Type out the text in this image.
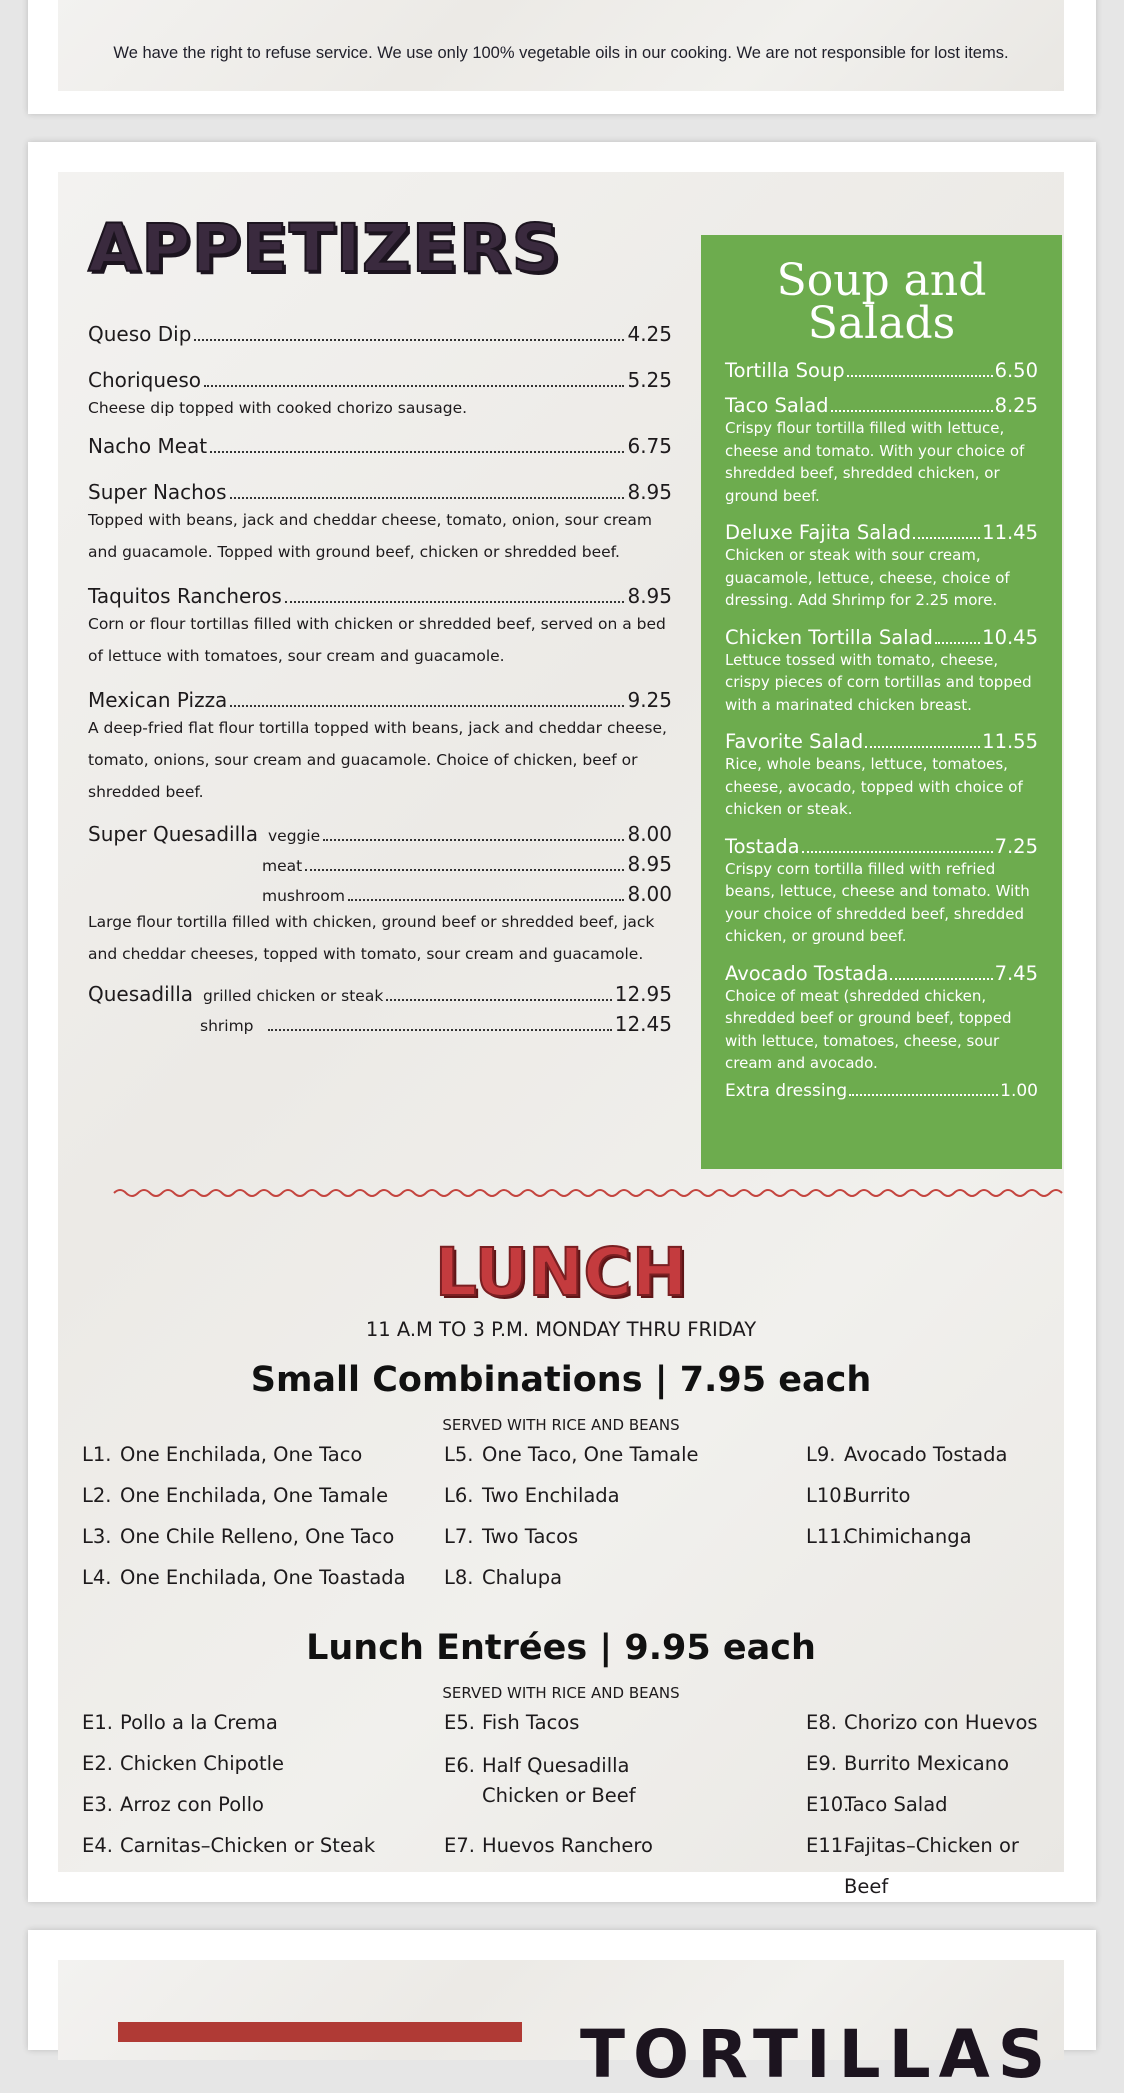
We have the right to refuse service. We use only 100% vegetable oils in our cooking. We are not responsible for lost items.
APPETIZERS
Queso Dip	4.25
Choriqueso	5.25
Cheese dip topped with cooked chorizo sausage.
Nacho Meat	6.75
Super Nachos	8.95
Topped with beans, jack and cheddar cheese, tomato, onion, sour cream and guacamole. Topped with ground beef, chicken or shredded beef.
Taquitos Rancheros	8.95
Corn or flour tortillas filled with chicken or shredded beef, served on a bed of lettuce with tomatoes, sour cream and guacamole.
Mexican Pizza	9.25
A deep-fried flat flour tortilla topped with beans, jack and cheddar cheese, tomato, onions, sour cream and guacamole. Choice of chicken, beef or shredded beef.
Super Quesadilla veggie	8.00
meat	8.95
mushroom	8.00
Large flour tortilla filled with chicken, ground beef or shredded beef, jack and cheddar cheeses, topped with tomato, sour cream and guacamole.
Quesadilla grilled chicken or steak	12.95
shrimp	12.45
Soup and
Salads
Tortilla Soup	6.50
Taco Salad	8.25
Crispy flour tortilla filled with lettuce, cheese and tomato. With your choice of shredded beef, shredded chicken, or ground beef.
Deluxe Fajita Salad	11.45
Chicken or steak with sour cream, guacamole, lettuce, cheese, choice of dressing. Add Shrimp for 2.25 more.
Chicken Tortilla Salad	10.45
Lettuce tossed with tomato, cheese, crispy pieces of corn tortillas and topped with a marinated chicken breast.
Favorite Salad	11.55
Rice, whole beans, lettuce, tomatoes, cheese, avocado, topped with choice of chicken or steak.
Tostada	7.25
Crispy corn tortilla filled with refried beans, lettuce, cheese and tomato. With your choice of shredded beef, shredded chicken, or ground beef.
Avocado Tostada	7.45
Choice of meat (shredded chicken, shredded beef or ground beef, topped with lettuce, tomatoes, cheese, sour cream and avocado.
Extra dressing	1.00
LUNCH
11 A.M TO 3 P.M. MONDAY THRU FRIDAY
Small Combinations | 7.95 each
SERVED WITH RICE AND BEANS
L1. One Enchilada, One Taco
L2. One Enchilada, One Tamale
L3. One Chile Relleno, One Taco
L4. One Enchilada, One Toastada
L5. One Taco, One Tamale
L6. Two Enchilada
L7. Two Tacos
L8. Chalupa
L9. Avocado Tostada
L10.
Burrito
L11.
Chimichanga
Lunch Entrées | 9.95 each
SERVED WITH RICE AND BEANS
E1. Pollo a la Crema
E2. Chicken Chipotle
E3. Arroz con Pollo
E4. Carnitas–Chicken or Steak
E5. Fish Tacos
E6. Half Quesadilla
Chicken or Beef
E7. Huevos Ranchero
E8. Chorizo con Huevos
E9. Burrito Mexicano
E10.
Taco Salad
E11.
Fajitas–Chicken or Beef
TORTILLAS
